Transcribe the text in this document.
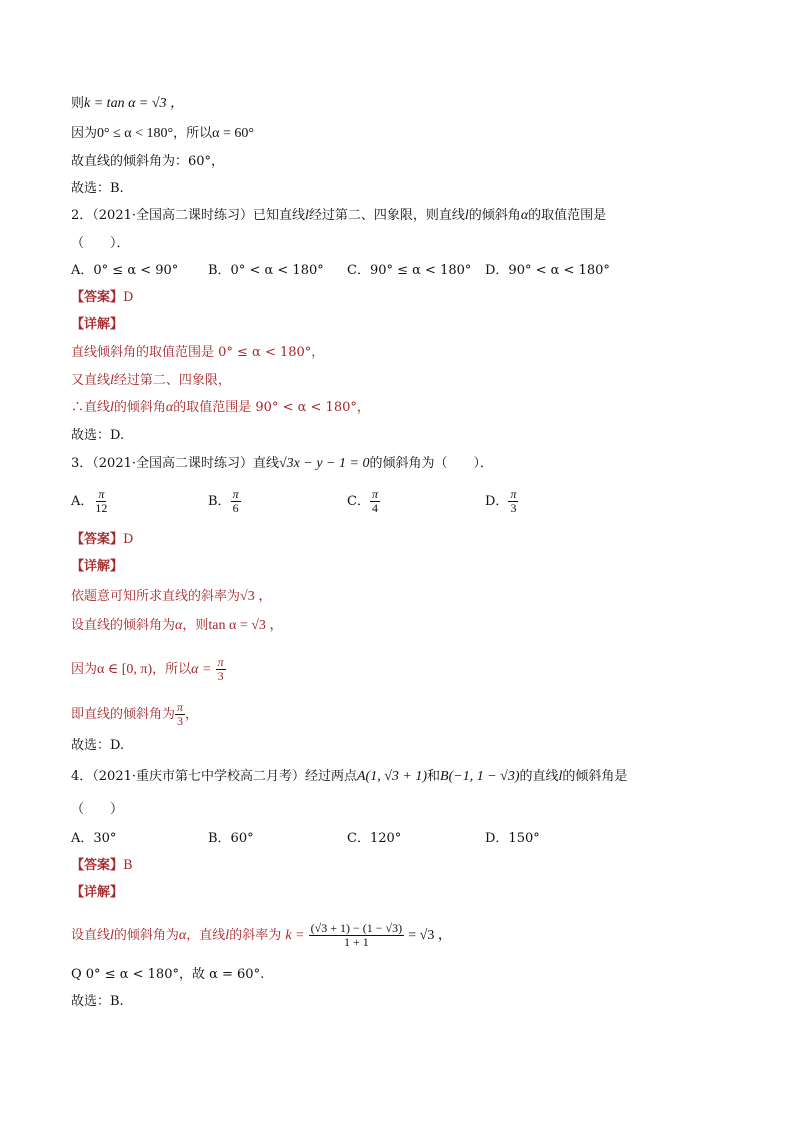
则k = tan α = √3 ，
因为0° ≤ α < 180°，所以α = 60°
故直线的倾斜角为：60°，
故选：B.
2．（2021·全国高二课时练习）已知直线l经过第二、四象限，则直线l的倾斜角α的取值范围是
（　　）．
A．0° ≤ α < 90° B．0° < α < 180° C．90° ≤ α < 180° D．90° < α < 180°
【答案】D
【详解】
直线倾斜角的取值范围是 0° ≤ α < 180°，
又直线l经过第二、四象限，
∴直线l的倾斜角α的取值范围是 90° < α < 180°，
故选：D.
3．（2021·全国高二课时练习）直线√3x − y − 1 = 0的倾斜角为（　　）．
A． $\frac{\pi}{12}$	B． $\frac{\pi}{6}$	C． $\frac{\pi}{4}$	D． $\frac{\pi}{3}$
【答案】D
【详解】
依题意可知所求直线的斜率为√3 ，
设直线的倾斜角为α，则tan α = √3 ，
因为α ∈ [0, π)，所以$\alpha = \frac{\pi}{3}$
即直线的倾斜角为 $\frac{\pi}{3}$ ，
故选：D.
4．（2021·重庆市第七中学校高二月考）经过两点A(1, √3 + 1)和B(−1, 1 − √3)的直线l的倾斜角是
（　　）
A．30°	B．60°	C．120°	D．150°
【答案】B
【详解】
设直线l的倾斜角为α，直线l的斜率为 $k = \frac{(√3 + 1) - (1 - √3)}{1 + 1} = √3$ ，
Q 0° ≤ α < 180°，故 α = 60°.
故选：B.
